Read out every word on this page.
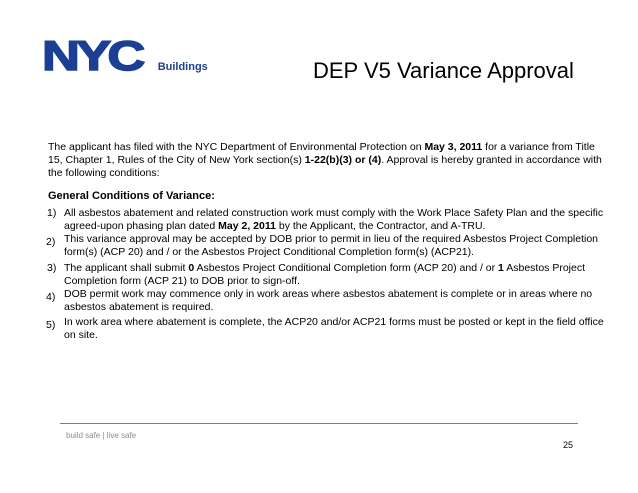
NYC Buildings	DEP V5 Variance Approval

The applicant has filed with the NYC Department of Environmental Protection on May 3, 2011 for a variance from Title 15, Chapter 1, Rules of the City of New York section(s) 1-22(b)(3) or (4). Approval is hereby granted in accordance with the following conditions:

General Conditions of Variance:

1) All asbestos abatement and related construction work must comply with the Work Place Safety Plan and the specific agreed-upon phasing plan dated May 2, 2011 by the Applicant, the Contractor, and A-TRU.

2) This variance approval may be accepted by DOB prior to permit in lieu of the required Asbestos Project Completion form(s) (ACP 20) and / or the Asbestos Project Conditional Completion form(s) (ACP21).

3) The applicant shall submit 0 Asbestos Project Conditional Completion form (ACP 20) and / or 1 Asbestos Project Completion form (ACP 21) to DOB prior to sign-off.

4) DOB permit work may commence only in work areas where asbestos abatement is complete or in areas where no asbestos abatement is required.

5) In work area where abatement is complete, the ACP20 and/or ACP21 forms must be posted or kept in the field office on site.

build safe | live safe
25
